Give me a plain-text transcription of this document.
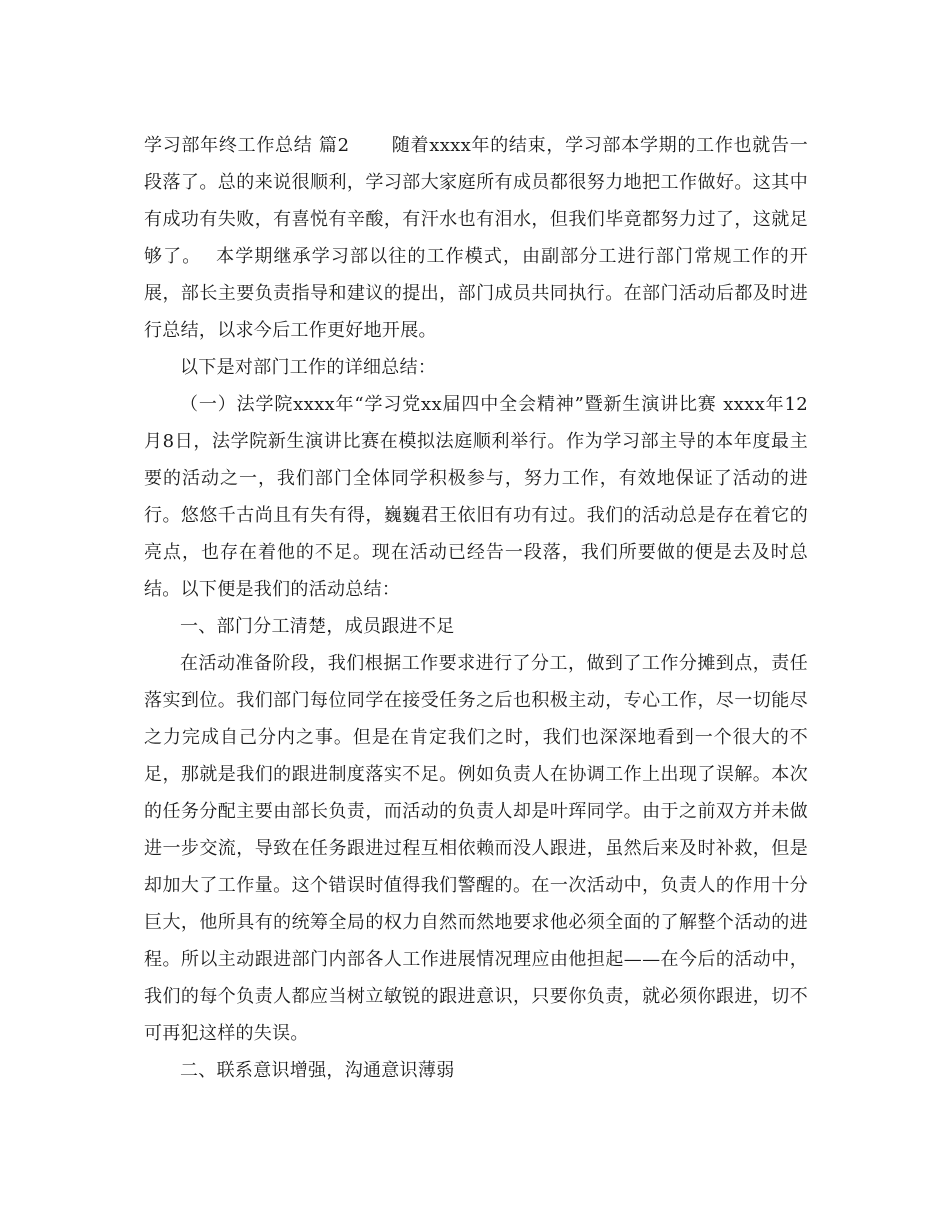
学习部年终工作总结 篇2 随着xxxx年的结束，学习部本学期的工作也就告一段落了。总的来说很顺利，学习部大家庭所有成员都很努力地把工作做好。这其中有成功有失败，有喜悦有辛酸，有汗水也有泪水，但我们毕竟都努力过了，这就足够了。 本学期继承学习部以往的工作模式，由副部分工进行部门常规工作的开展，部长主要负责指导和建议的提出，部门成员共同执行。在部门活动后都及时进行总结，以求今后工作更好地开展。

以下是对部门工作的详细总结：

（一）法学院xxxx年“学习党xx届四中全会精神”暨新生演讲比赛 xxxx年12月8日，法学院新生演讲比赛在模拟法庭顺利举行。作为学习部主导的本年度最主要的活动之一，我们部门全体同学积极参与，努力工作，有效地保证了活动的进行。悠悠千古尚且有失有得，巍巍君王依旧有功有过。我们的活动总是存在着它的亮点，也存在着他的不足。现在活动已经告一段落，我们所要做的便是去及时总结。以下便是我们的活动总结：

一、部门分工清楚，成员跟进不足

在活动准备阶段，我们根据工作要求进行了分工，做到了工作分摊到点，责任落实到位。我们部门每位同学在接受任务之后也积极主动，专心工作，尽一切能尽之力完成自己分内之事。但是在肯定我们之时，我们也深深地看到一个很大的不足，那就是我们的跟进制度落实不足。例如负责人在协调工作上出现了误解。本次的任务分配主要由部长负责，而活动的负责人却是叶珲同学。由于之前双方并未做进一步交流，导致在任务跟进过程互相依赖而没人跟进，虽然后来及时补救，但是却加大了工作量。这个错误时值得我们警醒的。在一次活动中，负责人的作用十分巨大，他所具有的统筹全局的权力自然而然地要求他必须全面的了解整个活动的进程。所以主动跟进部门内部各人工作进展情况理应由他担起——在今后的活动中，我们的每个负责人都应当树立敏锐的跟进意识，只要你负责，就必须你跟进，切不可再犯这样的失误。

二、联系意识增强，沟通意识薄弱
